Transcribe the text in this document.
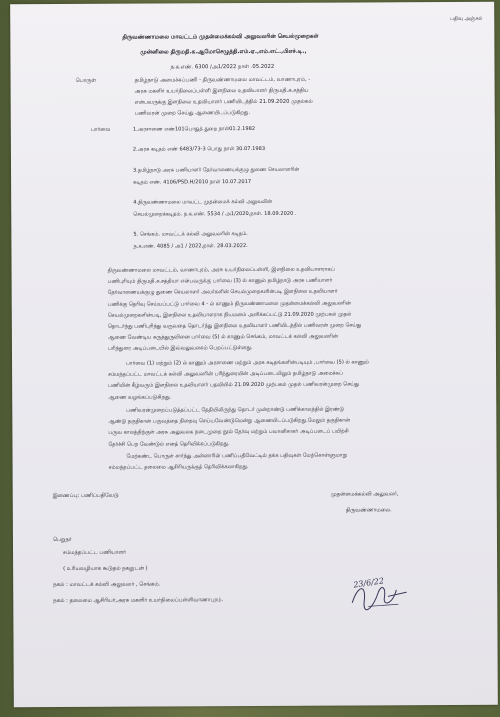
பதிவு அஞ்சல்
திருவண்ணாமலை மாவட்டம் முதன்மைக்கல்வி அலுவலரின் செயல்முறைகள்
முன்னிலை திருமதி.க.ஆமோசெழுத்தி.எம்.ஏ.,எம்.எட்.,பிஎச்.டி.,
ந.க.எண். 6300 /அ1/2022 நாள் .05.2022
பொருள்	தமிழ்நாடு அமைச்சுப்பணி - திருவண்ணாமலை மாவட்டம், வாணாபுரம், -
அரசு மகளிர் உயர்நிலைப்பள்ளி இளநிலை உதவியாளர் திருமதி.க.சத்திய
என்பவருக்கு இளநிலை உதவியாளர் பணியிடத்தில் 21.09.2020 முதல்கல்
பணிவரன் முறை செய்து ஆணையிடப்படுகிறது.
பார்வை	1.அரசாணை எண்101பொதுத் துறை நாள்01.2.1982
2.அரசு கடிதம் எண் 6483/73-3 பொது நாள் 30.07.1983
3.தமிழ்நாடு அரசு பணியாளர் தேர்வாணையக்குழு துணை செயலாளரின்
கடிதம் எண். 4106/PSD.H/2010 நாள் 10.07.2017
4.திருவண்ணாமலை மாவட்ட முதன்மைக் கல்வி அலுவலின்
செயல்முறைக்கடிதம். ந.க.எண். 5534 / அ1/2020,நாள். 18.09.2020 .
5. செங்கம். மாவட்டக் கல்வி அலுவலரின் கடிதம்.
ந.க.எண். 4085 / அ1 / 2022,நாள். 28.03.2022.
திருவண்ணாமலை மாவட்டம், வாணாபுரம், அரசு உயர்நிலைப்பள்ளி, இளநிலை உதவியாளராகப்
பணிபுரியும் திருமதி.க.சத்தியா என்பவருக்கு பார்வை (3) ல் காணும் தமிழ்நாடு அரசு பணியாளர்
தேர்வாணையக்குழு துணை செயலாளர் அவர்களின் செயல்முறைகளின்படி இளநிலை உதவியாளர்
பணிக்கு தெரிவு செய்யப்பட்டு பார்வை 4 - ல் காணும் திருவண்ணாமலை முதன்மைக்கல்வி அலுவலரின்
செயல்முறைகளின்படி, இளநிலை உதவியாளராக நியமனம் அளிக்கப்பட்டு 21.09.2020 முற்பகல் முதல்
தொடர்ந்து பணிபுரிந்து வருவதை தொடர்ந்து இளநிலை உதவியாளர் பணியிடத்தில் பணிவரன் முறை செய்து
ஆணை வேண்டிய கருத்துருவினை பார்வை (5) ல் காணும் செங்கம், மாவட்டக் கல்வி அலுவலரின்
பரிந்துரை அடிப்படையில் இவ்வலுவலகம் பெறப்பட்டுள்ளது.
பார்வை (1) மற்றும் (2) ல் காணும் அரசாணை மற்றும் அரசு கடிதங்களின்படியும் ,பார்வை (5) ல் காணும்
சம்மந்தப்பட்ட மாவட்டக் கல்வி அலுவலரின் பரிந்துரையின் அடிப்படையிலும் தமிழ்நாடு அமைச்சுப்
பணியின் கீழ்வரும் இளநிலை உதவியாளர் பதவியில் 21.09.2020 முற்பகல் முதல் பணிவரன்முறை செய்து
ஆணை வழங்கப்படுகிறது.
பணிவரன்முறைப்படுத்தப்பட்ட தேதியிலிருந்து தொடர் முன்றாண்டு பணிக்காலத்தில் இரண்டு
ஆண்டு தகுதிகான் பருவத்தை நிறைவு செய்யவேண்டுமென்று ஆணையிடப்படுகிறது.மேலும் தகுதிகான்
பருவ காலத்திற்குள் அரசு அலுவலக நடைமுறை நூல் தேர்வு மற்றும் பவானிசாகர் அடிப்படைப் பயிற்சி
தேர்ச்சி பெற வேண்டும் எனத் தெரிவிக்கப்படுகிறது.
மேற்கண்ட பொருள் சார்ந்து அன்னாரின் பணிப்பதிவேட்டில் தக்க பதிவுகள் மேற்கொள்ளுமாறு
சம்மந்தப்பட்ட தலைமை ஆசிரியருக்குத் தெரிவிக்கலாகிறது.
இணைப்பு: பணிப்பதிவேடு
23/6/22
முதன்மைக்கல்வி அலுவலர்,
திருவண்ணாமலை.
பெறுநர்
சம்மந்தப்பட்ட பணியாளர்
( உரியவழியாக கூடுதல் நகலுடன் )
நகல் : மாவட்டக் கல்வி அலுவலர் , செங்கம்.
நகல் : தலைமை ஆசிரியர்,அரசு மகளிர் உயர்நிலைப்பள்ளிவாணாபுரம்.
